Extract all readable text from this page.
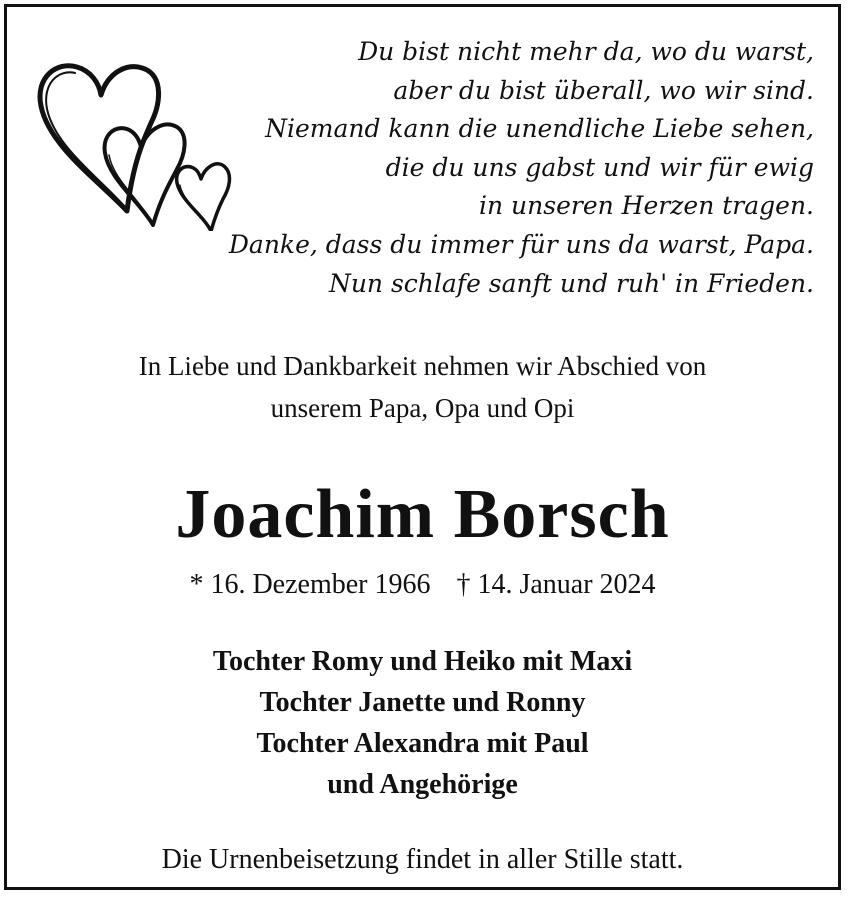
Du bist nicht mehr da, wo du warst,
aber du bist überall, wo wir sind.
Niemand kann die unendliche Liebe sehen,
die du uns gabst und wir für ewig
in unseren Herzen tragen.
Danke, dass du immer für uns da warst, Papa.
Nun schlafe sanft und ruh' in Frieden.
In Liebe und Dankbarkeit nehmen wir Abschied von
unserem Papa, Opa und Opi
Joachim Borsch
* 16. Dezember 1966 † 14. Januar 2024
Tochter Romy und Heiko mit Maxi
Tochter Janette und Ronny
Tochter Alexandra mit Paul
und Angehörige
Die Urnenbeisetzung findet in aller Stille statt.
